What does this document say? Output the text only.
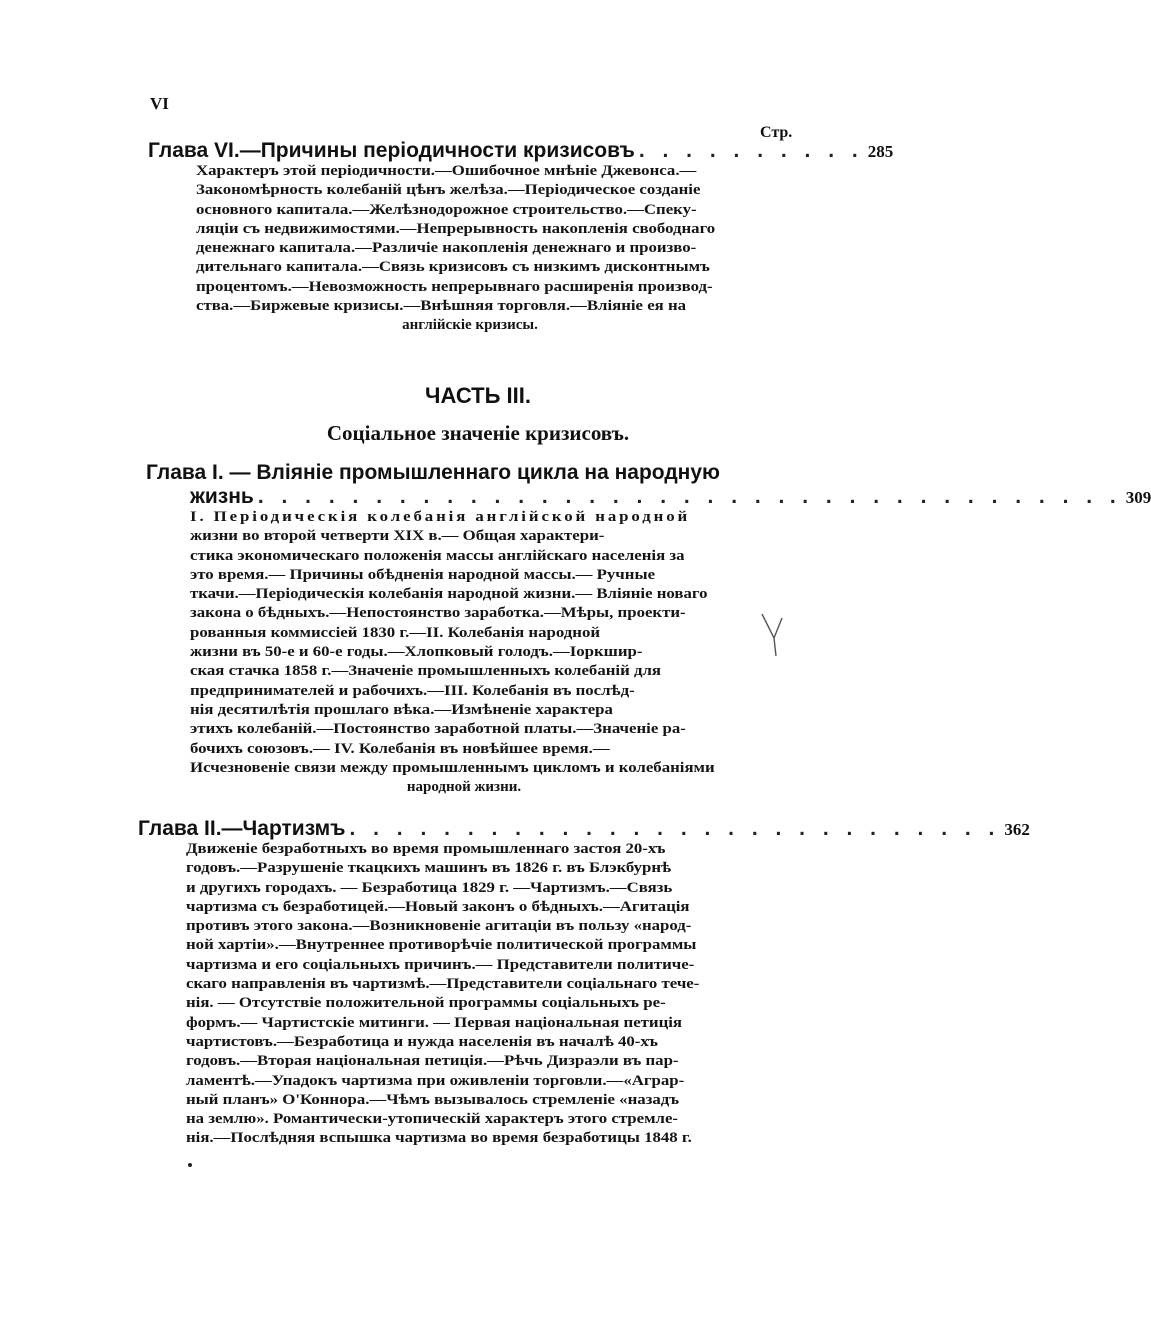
VI
Стр.
Глава VI.—Причины періодичности кризисовъ . . . . . . . . . . 285
Характеръ этой періодичности.—Ошибочное мнѣніе Джевонса.—
Закономѣрность колебаній цѣнъ желѣза.—Періодическое созданіе
основного капитала.—Желѣзнодорожное строительство.—Спеку-
ляціи съ недвижимостями.—Непрерывность накопленія свободнаго
денежнаго капитала.—Различіе накопленія денежнаго и произво-
дительнаго капитала.—Связь кризисовъ съ низкимъ дисконтнымъ
процентомъ.—Невозможность непрерывнаго расширенія производ-
ства.—Биржевые кризисы.—Внѣшняя торговля.—Вліяніе ея на
англійскіе кризисы.
ЧАСТЬ III.
Соціальное значеніе кризисовъ.
Глава I. — Вліяніе промышленнаго цикла на народную
жизнь . . . . . . . . . . . . . . . . . . . . . . . . . . . . . . . . . . . . . 309
I. Періодическія колебанія англійской народной
жизни во второй четверти XIX в.— Общая характери-
стика экономическаго положенія массы англійскаго населенія за
это время.— Причины обѣдненія народной массы.— Ручные
ткачи.—Періодическія колебанія народной жизни.— Вліяніе новаго
закона о бѣдныхъ.—Непостоянство заработка.—Мѣры, проекти-
рованныя коммиссіей 1830 г.—II. Колебанія народной
жизни въ 50-е и 60-е годы.—Хлопковый голодъ.—Іоркшир-
ская стачка 1858 г.—Значеніе промышленныхъ колебаній для
предпринимателей и рабочихъ.—III. Колебанія въ послѣд-
нія десятилѣтія прошлаго вѣка.—Измѣненіе характера
этихъ колебаній.—Постоянство заработной платы.—Значеніе ра-
бочихъ союзовъ.— IV. Колебанія въ новѣйшее время.—
Исчезновеніе связи между промышленнымъ цикломъ и колебаніями
народной жизни.
Глава II.—Чартизмъ . . . . . . . . . . . . . . . . . . . . . . . . . . . . 362
Движеніе безработныхъ во время промышленнаго застоя 20-хъ
годовъ.—Разрушеніе ткацкихъ машинъ въ 1826 г. въ Блэкбурнѣ
и другихъ городахъ. — Безработица 1829 г. —Чартизмъ.—Связь
чартизма съ безработицей.—Новый законъ о бѣдныхъ.—Агитація
противъ этого закона.—Возникновеніе агитаціи въ пользу «народ-
ной хартіи».—Внутреннее противорѣчіе политической программы
чартизма и его соціальныхъ причинъ.— Представители политиче-
скаго направленія въ чартизмѣ.—Представители соціальнаго тече-
нія. — Отсутствіе положительной программы соціальныхъ ре-
формъ.— Чартистскіе митинги. — Первая національная петиція
чартистовъ.—Безработица и нужда населенія въ началѣ 40-хъ
годовъ.—Вторая національная петиція.—Рѣчь Дизраэли въ пар-
ламентѣ.—Упадокъ чартизма при оживленіи торговли.—«Аграр-
ный планъ» О'Коннора.—Чѣмъ вызывалось стремленіе «назадъ
на землю». Романтически-утопическій характеръ этого стремле-
нія.—Послѣдняя вспышка чартизма во время безработицы 1848 г.
